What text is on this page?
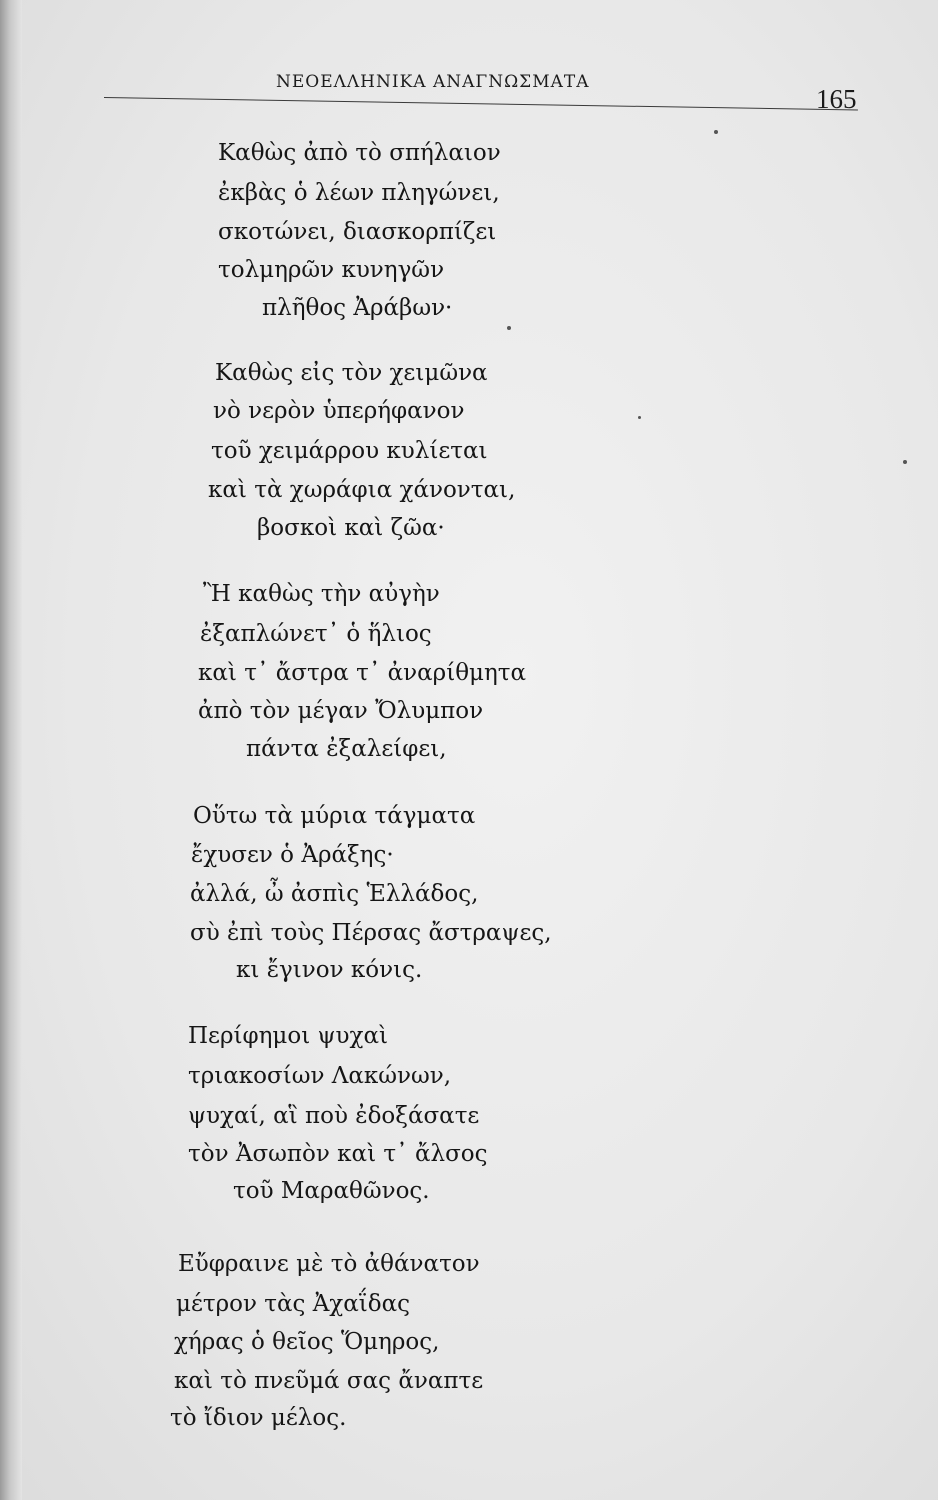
ΝΕΟΕΛΛΗΝΙΚΑ ΑΝΑΓΝΩΣΜΑΤΑ
165
Καθὼς ἀπὸ τὸ σπήλαιον
ἐκβὰς ὁ λέων πληγώνει,
σκοτώνει, διασκορπίζει
τολμηρῶν κυνηγῶν
πλῆθος Ἀράβων·
Καθὼς εἰς τὸν χειμῶνα
νὸ νερὸν ὑπερήφανον
τοῦ χειμάρρου κυλίεται
καὶ τὰ χωράφια χάνονται,
βοσκοὶ καὶ ζῶα·
Ἢ καθὼς τὴν αὐγὴν
ἐξαπλώνετ᾽ ὁ ἥλιος
καὶ τ᾽ ἄστρα τ᾽ ἀναρίθμητα
ἀπὸ τὸν μέγαν Ὄλυμπον
πάντα ἐξαλείφει,
Οὕτω τὰ μύρια τάγματα
ἔχυσεν ὁ Ἀράξης·
ἀλλά, ὦ ἀσπὶς Ἑλλάδος,
σὺ ἐπὶ τοὺς Πέρσας ἄστραψες,
κι ἔγινον κόνις.
Περίφημοι ψυχαὶ
τριακοσίων Λακώνων,
ψυχαί, αἳ ποὺ ἐδοξάσατε
τὸν Ἀσωπὸν καὶ τ᾽ ἄλσος
τοῦ Μαραθῶνος.
Εὔφραινε μὲ τὸ ἀθάνατον
μέτρον τὰς Ἀχαΐδας
χήρας ὁ θεῖος Ὅμηρος,
καὶ τὸ πνεῦμά σας ἄναπτε
τὸ ἴδιον μέλος.
